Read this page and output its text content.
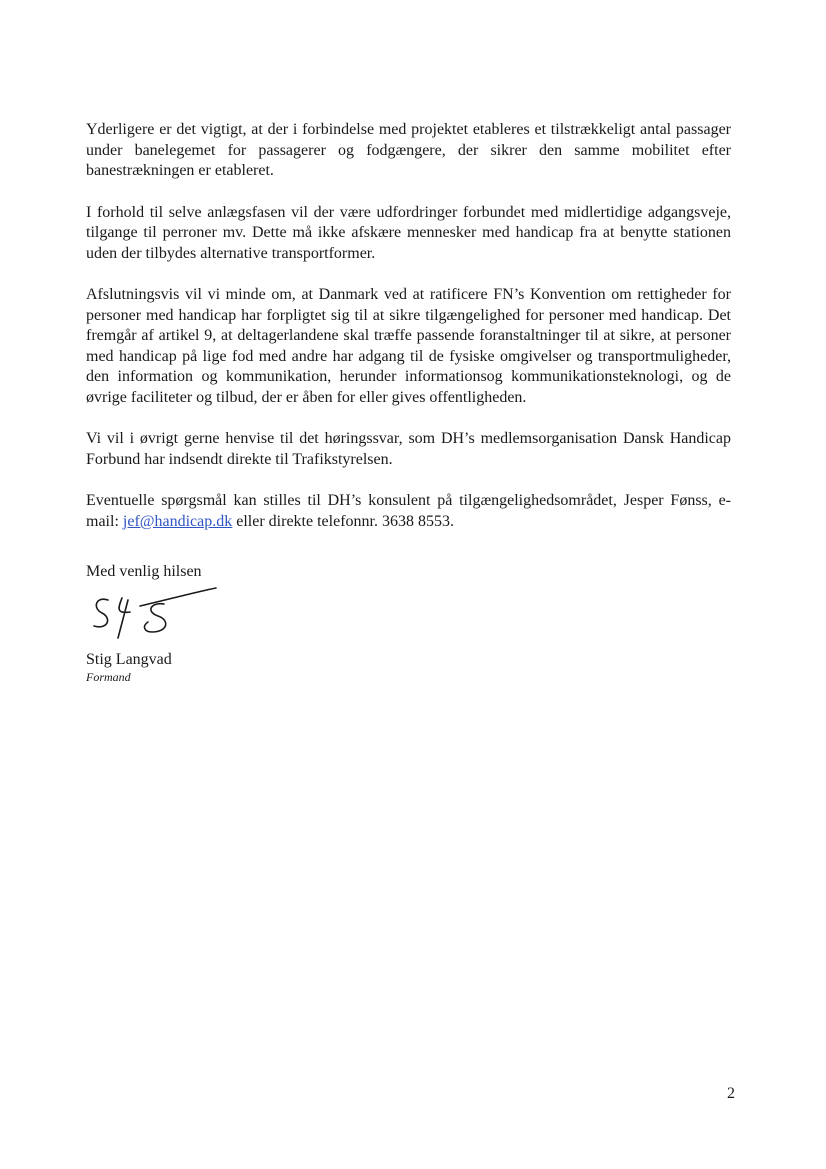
Yderligere er det vigtigt, at der i forbindelse med projektet etableres et tilstrækkeligt antal passager under banelegemet for passagerer og fodgængere, der sikrer den samme mobilitet efter banestrækningen er etableret.

I forhold til selve anlægsfasen vil der være udfordringer forbundet med midlertidige adgangsveje, tilgange til perroner mv. Dette må ikke afskære mennesker med handicap fra at benytte stationen uden der tilbydes alternative transportformer.

Afslutningsvis vil vi minde om, at Danmark ved at ratificere FN’s Konvention om rettigheder for personer med handicap har forpligtet sig til at sikre tilgængelighed for personer med handicap. Det fremgår af artikel 9, at deltagerlandene skal træffe passende foranstaltninger til at sikre, at personer med handicap på lige fod med andre har adgang til de fysiske omgivelser og transportmuligheder, den information og kommunikation, herunder informationsog kommunikationsteknologi, og de øvrige faciliteter og tilbud, der er åben for eller gives offentligheden.

Vi vil i øvrigt gerne henvise til det høringssvar, som DH’s medlemsorganisation Dansk Handicap Forbund har indsendt direkte til Trafikstyrelsen.

Eventuelle spørgsmål kan stilles til DH’s konsulent på tilgængelighedsområdet, Jesper Fønss, e-mail: jef@handicap.dk eller direkte telefonnr. 3638 8553.

Med venlig hilsen

Stig Langvad

Formand

2
